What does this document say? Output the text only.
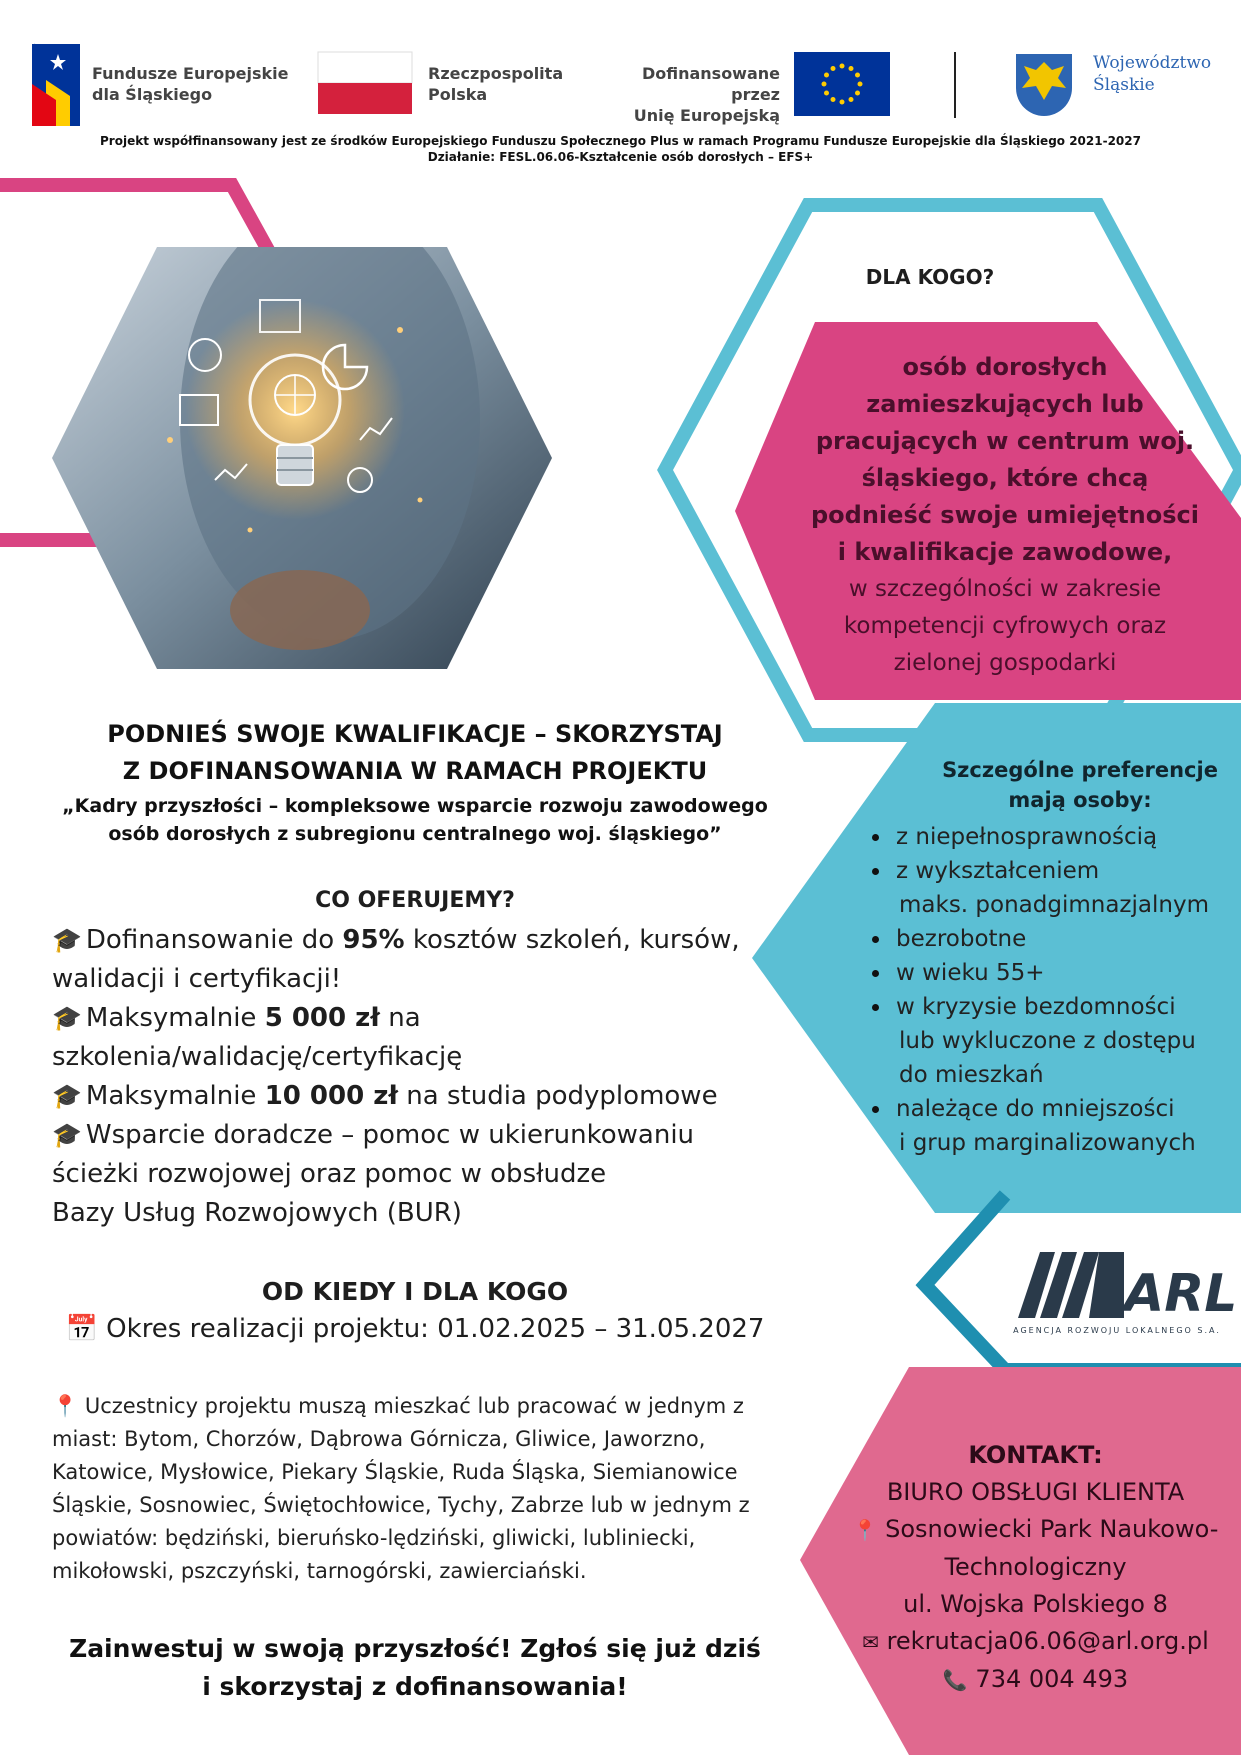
Fundusze Europejskie
dla Śląskiego
Rzeczpospolita
Polska
Dofinansowane przez
Unię Europejską
Województwo
Śląskie
Projekt współfinansowany jest ze środków Europejskiego Funduszu Społecznego Plus w ramach Programu Fundusze Europejskie dla Śląskiego 2021-2027
Działanie: FESL.06.06-Kształcenie osób dorosłych – EFS+
DLA KOGO?
osób dorosłych
zamieszkujących lub
pracujących w centrum woj.
śląskiego, które chcą
podnieść swoje umiejętności
i kwalifikacje zawodowe,
w szczególności w zakresie
kompetencji cyfrowych oraz
zielonej gospodarki
Szczególne preferencje
mają osoby:
z niepełnosprawnością
z wykształceniem
maks. ponadgimnazjalnym
bezrobotne
w wieku 55+
w kryzysie bezdomności
lub wykluczone z dostępu
do mieszkań
należące do mniejszości
i grup marginalizowanych
PODNIEŚ SWOJE KWALIFIKACJE – SKORZYSTAJ
Z DOFINANSOWANIA W RAMACH PROJEKTU
„Kadry przyszłości – kompleksowe wsparcie rozwoju zawodowego
osób dorosłych z subregionu centralnego woj. śląskiego”
CO OFERUJEMY?
🎓 Dofinansowanie do 95% kosztów szkoleń, kursów,
walidacji i certyfikacji!
🎓 Maksymalnie 5 000 zł na
szkolenia/walidację/certyfikację
🎓 Maksymalnie 10 000 zł na studia podyplomowe
🎓 Wsparcie doradcze – pomoc w ukierunkowaniu
ścieżki rozwojowej oraz pomoc w obsłudze
Bazy Usług Rozwojowych (BUR)
OD KIEDY I DLA KOGO
📅 Okres realizacji projektu: 01.02.2025 – 31.05.2027
📍 Uczestnicy projektu muszą mieszkać lub pracować w jednym z
miast: Bytom, Chorzów, Dąbrowa Górnicza, Gliwice, Jaworzno,
Katowice, Mysłowice, Piekary Śląskie, Ruda Śląska, Siemianowice
Śląskie, Sosnowiec, Świętochłowice, Tychy, Zabrze lub w jednym z
powiatów: będziński, bieruńsko-lędziński, gliwicki, lubliniecki,
mikołowski, pszczyński, tarnogórski, zawierciański.
Zainwestuj w swoją przyszłość! Zgłoś się już dziś
i skorzystaj z dofinansowania!
ARL
AGENCJA ROZWOJU LOKALNEGO S.A.
KONTAKT:
BIURO OBSŁUGI KLIENTA
📍 Sosnowiecki Park Naukowo-
Technologiczny
ul. Wojska Polskiego 8
✉ rekrutacja06.06@arl.org.pl
📞 734 004 493
